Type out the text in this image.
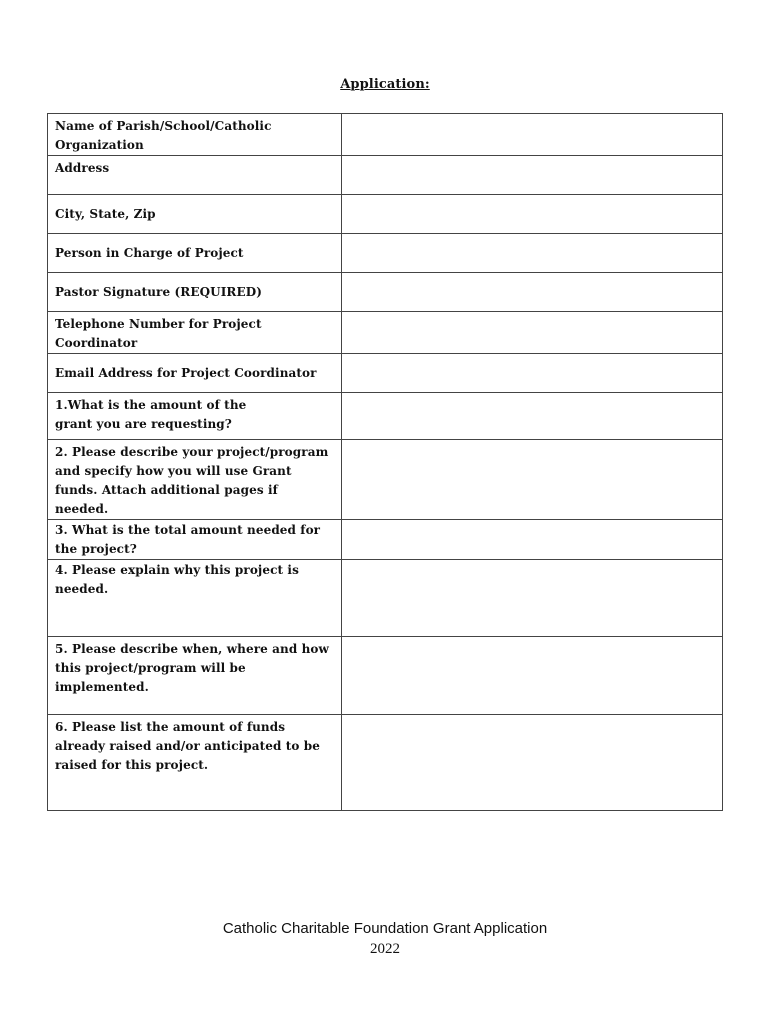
Application:
Name of Parish/School/Catholic Organization	
Address	
City, State, Zip	
Person in Charge of Project	
Pastor Signature (REQUIRED)	
Telephone Number for Project Coordinator	
Email Address for Project Coordinator	
1.What is the amount of the grant you are requesting?	
2. Please describe your project/program and specify how you will use Grant funds. Attach additional pages if needed.	
3. What is the total amount needed for the project?	
4. Please explain why this project is needed.	
5. Please describe when, where and how this project/program will be implemented.	
6. Please list the amount of funds already raised and/or anticipated to be raised for this project.	
Catholic Charitable Foundation Grant Application
2022
